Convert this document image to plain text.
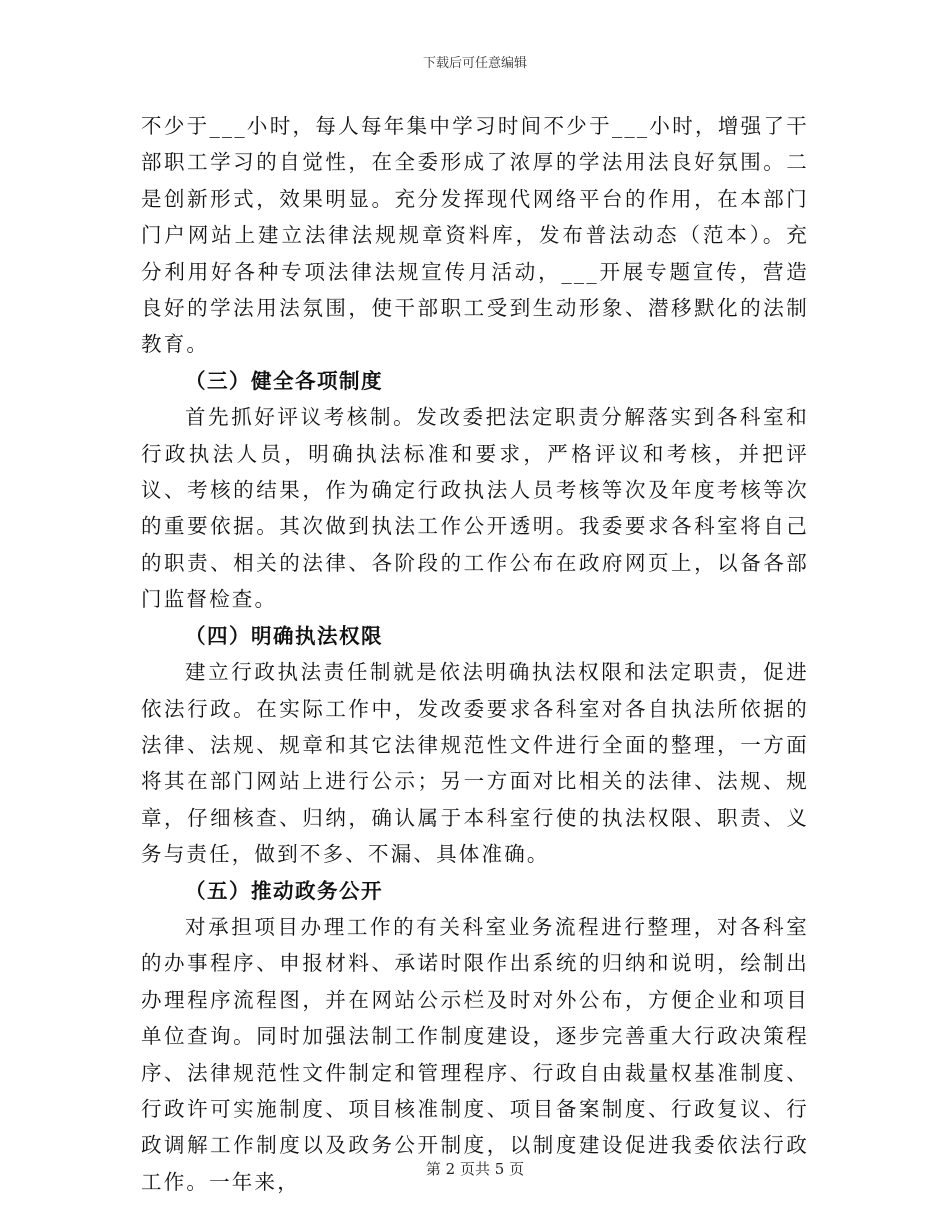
下载后可任意编辑

不少于___小时，每人每年集中学习时间不少于___小时，增强了干部职工学习的自觉性，在全委形成了浓厚的学法用法良好氛围。二是创新形式，效果明显。充分发挥现代网络平台的作用，在本部门门户网站上建立法律法规规章资料库，发布普法动态（范本）。充分利用好各种专项法律法规宣传月活动，___开展专题宣传，营造良好的学法用法氛围，使干部职工受到生动形象、潜移默化的法制教育。

（三）健全各项制度

首先抓好评议考核制。发改委把法定职责分解落实到各科室和行政执法人员，明确执法标准和要求，严格评议和考核，并把评议、考核的结果，作为确定行政执法人员考核等次及年度考核等次的重要依据。其次做到执法工作公开透明。我委要求各科室将自己的职责、相关的法律、各阶段的工作公布在政府网页上，以备各部门监督检查。

（四）明确执法权限

建立行政执法责任制就是依法明确执法权限和法定职责，促进依法行政。在实际工作中，发改委要求各科室对各自执法所依据的法律、法规、规章和其它法律规范性文件进行全面的整理，一方面将其在部门网站上进行公示；另一方面对比相关的法律、法规、规章，仔细核查、归纳，确认属于本科室行使的执法权限、职责、义务与责任，做到不多、不漏、具体准确。

（五）推动政务公开

对承担项目办理工作的有关科室业务流程进行整理，对各科室的办事程序、申报材料、承诺时限作出系统的归纳和说明，绘制出办理程序流程图，并在网站公示栏及时对外公布，方便企业和项目单位查询。同时加强法制工作制度建设，逐步完善重大行政决策程序、法律规范性文件制定和管理程序、行政自由裁量权基准制度、行政许可实施制度、项目核准制度、项目备案制度、行政复议、行政调解工作制度以及政务公开制度，以制度建设促进我委依法行政工作。一年来，

第 2 页共 5 页
